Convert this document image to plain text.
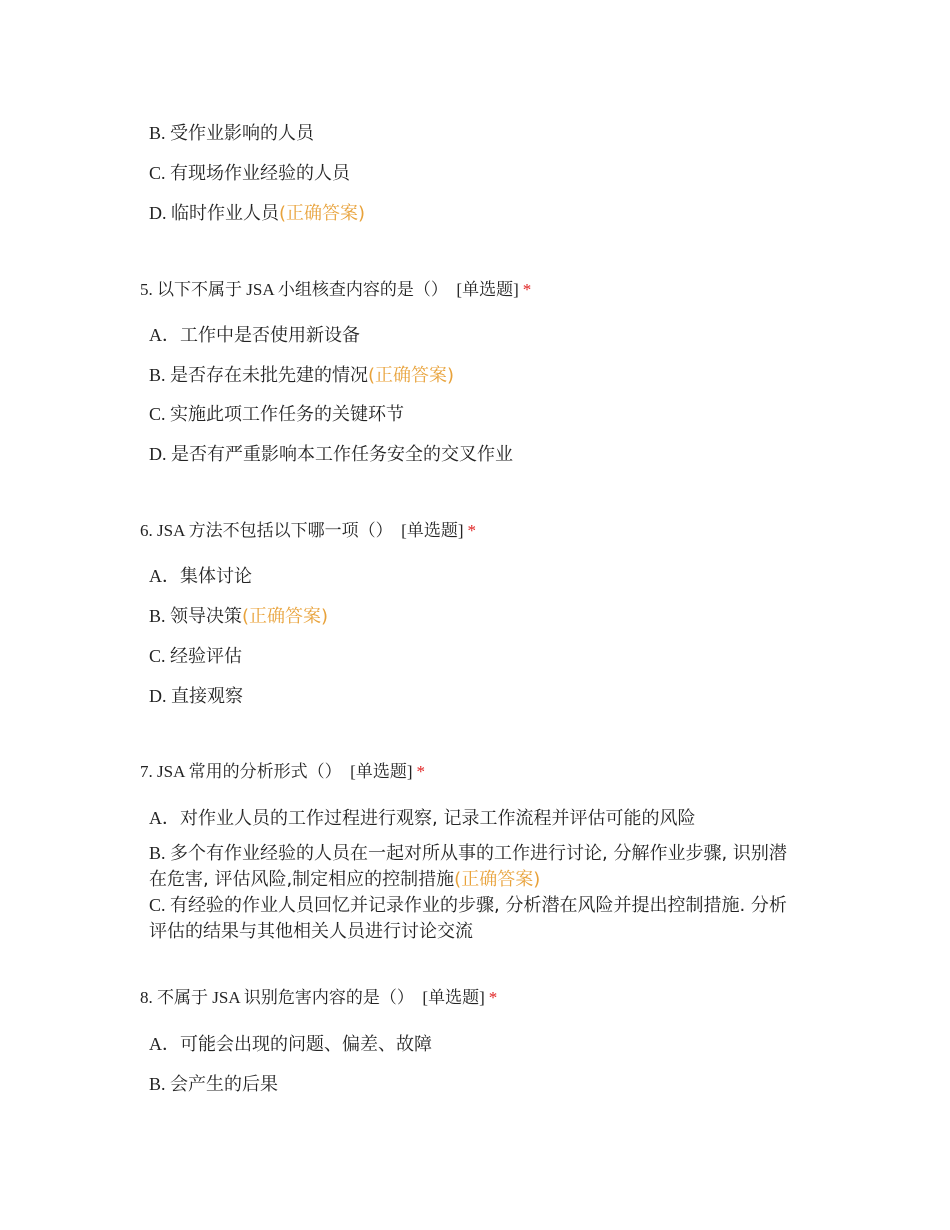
B. 受作业影响的人员
C. 有现场作业经验的人员
D. 临时作业人员(正确答案)
5. 以下不属于 JSA 小组核查内容的是（） [单选题] *
A．工作中是否使用新设备
B. 是否存在未批先建的情况(正确答案)
C. 实施此项工作任务的关键环节
D. 是否有严重影响本工作任务安全的交叉作业
6. JSA 方法不包括以下哪一项（） [单选题] *
A．集体讨论
B. 领导决策(正确答案)
C. 经验评估
D. 直接观察
7. JSA 常用的分析形式（） [单选题] *
A．对作业人员的工作过程进行观察, 记录工作流程并评估可能的风险
B. 多个有作业经验的人员在一起对所从事的工作进行讨论, 分解作业步骤, 识别潜在危害, 评估风险,制定相应的控制措施(正确答案)
C. 有经验的作业人员回忆并记录作业的步骤, 分析潜在风险并提出控制措施. 分析评估的结果与其他相关人员进行讨论交流
8. 不属于 JSA 识别危害内容的是（） [单选题] *
A．可能会出现的问题、偏差、故障
B. 会产生的后果
